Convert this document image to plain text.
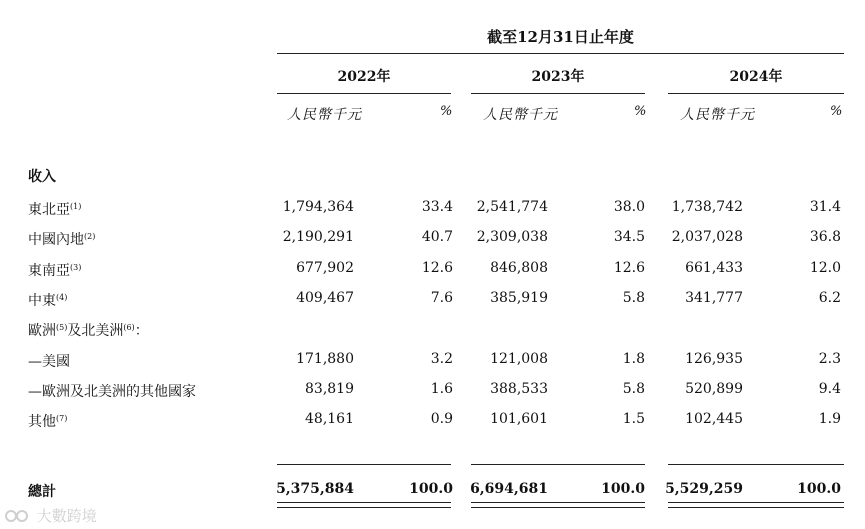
截至12月31日止年度
2022年	2023年	2024年
人民幣千元	% 人民幣千元	% 人民幣千元	%
收入
東北亞$^{(1)}$	1,794,364	33.4 2,541,774	38.0 1,738,742	31.4
中國內地$^{(2)}$	2,190,291	40.7 2,309,038	34.5 2,037,028	36.8
東南亞$^{(3)}$	677,902	12.6	846,808	12.6	661,433	12.0
中東$^{(4)}$	409,467	7.6	385,919	5.8	341,777	6.2
歐洲$^{(5)}$及北美洲$^{(6)}$：
—美國	171,880	3.2	121,008	1.8	126,935	2.3
—歐洲及北美洲的其他國家	83,819	1.6	388,533	5.8	520,899	9.4
其他$^{(7)}$	48,161	0.9	101,601	1.5	102,445	1.9
總計	5,375,884	100.0 6,694,681	100.0 5,529,259	100.0
大數跨境
